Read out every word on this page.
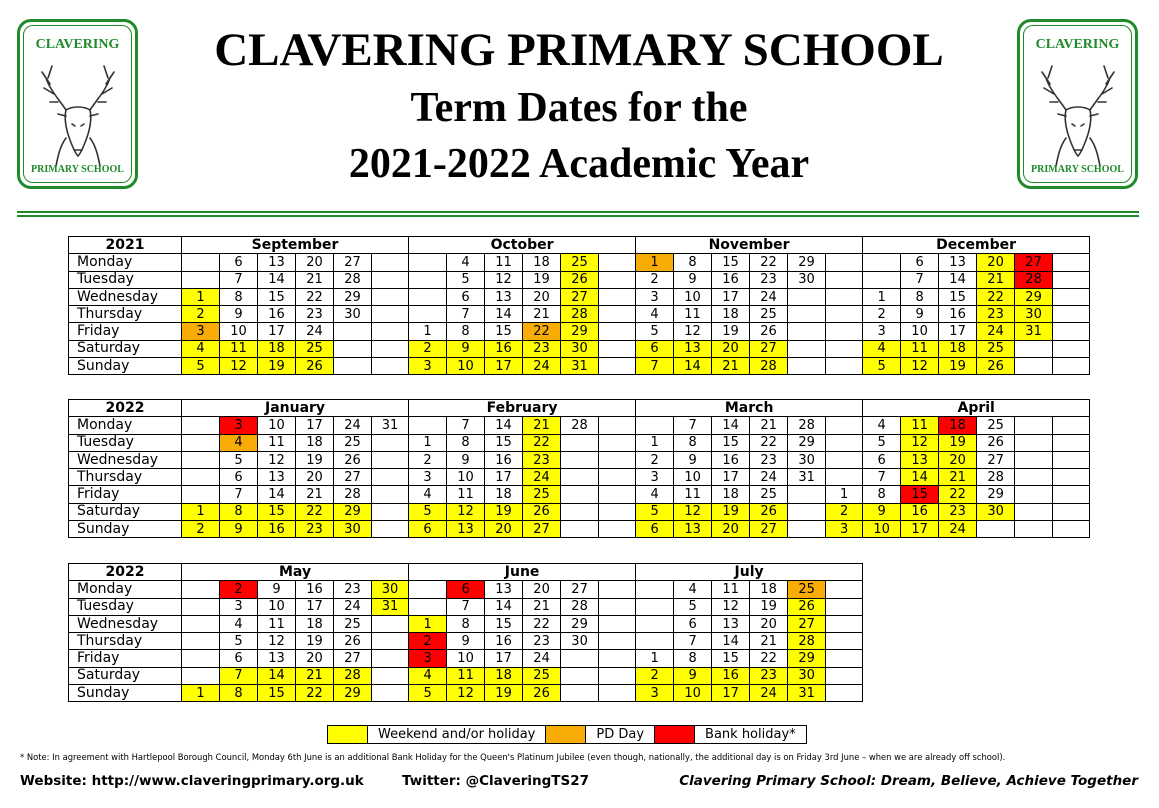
CLAVERING
PRIMARY SCHOOL
CLAVERING
PRIMARY SCHOOL
CLAVERING PRIMARY SCHOOL
Term Dates for the
2021-2022 Academic Year
2021	September						October						November						December					
Monday		6	13	20	27			4	11	18	25		1	8	15	22	29			6	13	20	27	
Tuesday		7	14	21	28			5	12	19	26		2	9	16	23	30			7	14	21	28	
Wednesday	1	8	15	22	29			6	13	20	27		3	10	17	24			1	8	15	22	29	
Thursday	2	9	16	23	30			7	14	21	28		4	11	18	25			2	9	16	23	30	
Friday	3	10	17	24			1	8	15	22	29		5	12	19	26			3	10	17	24	31	
Saturday	4	11	18	25			2	9	16	23	30		6	13	20	27			4	11	18	25		
Sunday	5	12	19	26			3	10	17	24	31		7	14	21	28			5	12	19	26		
2022	January						February						March						April					
Monday		3	10	17	24	31		7	14	21	28			7	14	21	28		4	11	18	25		
Tuesday		4	11	18	25		1	8	15	22			1	8	15	22	29		5	12	19	26		
Wednesday		5	12	19	26		2	9	16	23			2	9	16	23	30		6	13	20	27		
Thursday		6	13	20	27		3	10	17	24			3	10	17	24	31		7	14	21	28		
Friday		7	14	21	28		4	11	18	25			4	11	18	25		1	8	15	22	29		
Saturday	1	8	15	22	29		5	12	19	26			5	12	19	26		2	9	16	23	30		
Sunday	2	9	16	23	30		6	13	20	27			6	13	20	27		3	10	17	24			
2022	May						June						July					
Monday		2	9	16	23	30		6	13	20	27			4	11	18	25	
Tuesday		3	10	17	24	31		7	14	21	28			5	12	19	26	
Wednesday		4	11	18	25		1	8	15	22	29			6	13	20	27	
Thursday		5	12	19	26		2	9	16	23	30			7	14	21	28	
Friday		6	13	20	27		3	10	17	24			1	8	15	22	29	
Saturday		7	14	21	28		4	11	18	25			2	9	16	23	30	
Sunday	1	8	15	22	29		5	12	19	26			3	10	17	24	31	
	Weekend and/or holiday		PD Day		Bank holiday*
* Note: In agreement with Hartlepool Borough Council, Monday 6th June is an additional Bank Holiday for the Queen's Platinum Jubilee (even though, nationally, the additional day is on Friday 3rd June – when we are already off school).
Website: http://www.claveringprimary.org.uk	Twitter: @ClaveringTS27	Clavering Primary School: Dream, Believe, Achieve Together
